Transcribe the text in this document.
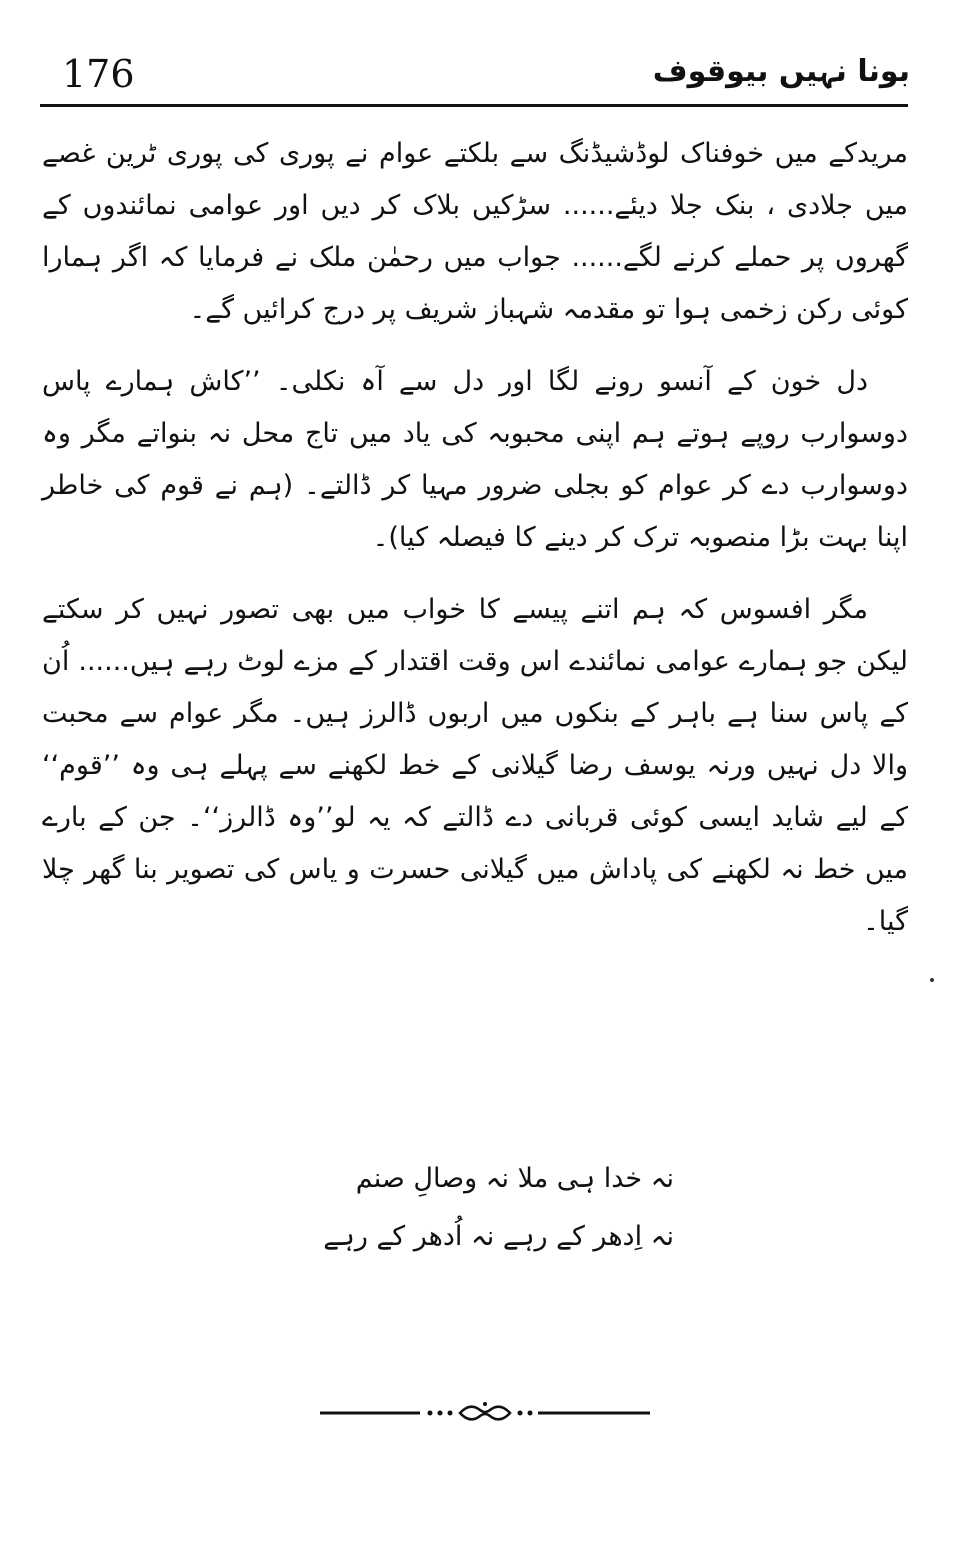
176	بونا نہیں بیوقوف

مریدکے میں خوفناک لوڈشیڈنگ سے بلکتے عوام نے پوری کی پوری ٹرین غصے میں جلادی ، بنک جلا دیئے...... سڑکیں بلاک کر دیں اور عوامی نمائندوں کے گھروں پر حملے کرنے لگے...... جواب میں رحمٰن ملک نے فرمایا کہ اگر ہمارا کوئی رکن زخمی ہوا تو مقدمہ شہباز شریف پر درج کرائیں گے۔

دل خون کے آنسو رونے لگا اور دل سے آہ نکلی۔ ’’کاش ہمارے پاس دوسوارب روپے ہوتے ہم اپنی محبوبہ کی یاد میں تاج محل نہ بنواتے مگر وہ دوسوارب دے کر عوام کو بجلی ضرور مہیا کر ڈالتے۔ (ہم نے قوم کی خاطر اپنا بہت بڑا منصوبہ ترک کر دینے کا فیصلہ کیا)۔

مگر افسوس کہ ہم اتنے پیسے کا خواب میں بھی تصور نہیں کر سکتے لیکن جو ہمارے عوامی نمائندے اس وقت اقتدار کے مزے لوٹ رہے ہیں...... اُن کے پاس سنا ہے باہر کے بنکوں میں اربوں ڈالرز ہیں۔ مگر عوام سے محبت والا دل نہیں ورنہ یوسف رضا گیلانی کے خط لکھنے سے پہلے ہی وہ ’’قوم‘‘ کے لیے شاید ایسی کوئی قربانی دے ڈالتے کہ یہ لو’’وہ ڈالرز‘‘۔ جن کے بارے میں خط نہ لکھنے کی پاداش میں گیلانی حسرت و یاس کی تصویر بنا گھر چلا گیا۔

نہ خدا ہی ملا نہ وصالِ صنم
نہ اِدھر کے رہے نہ اُدھر کے رہے
